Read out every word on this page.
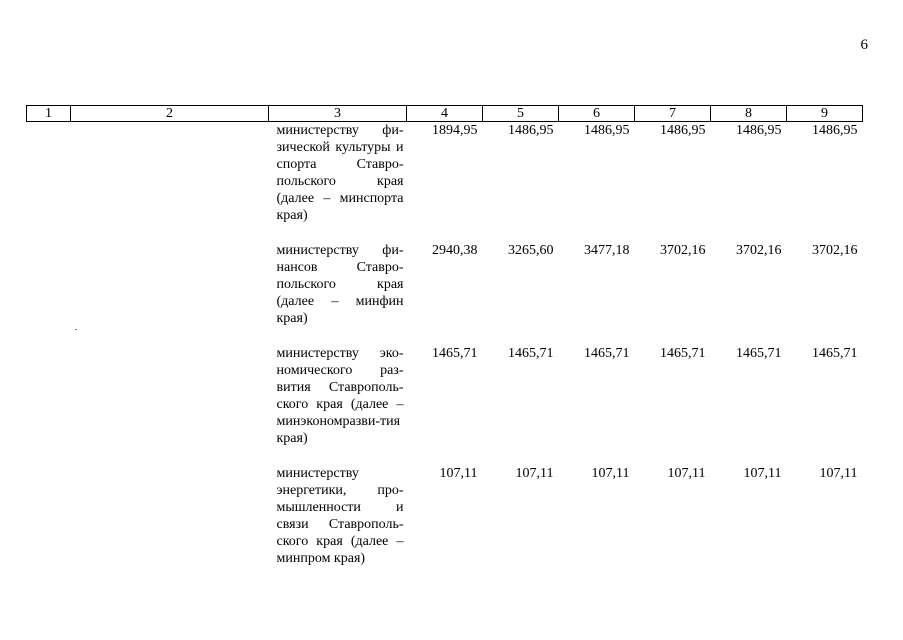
6
1	2	3	4	5	6	7	8	9
		министерству фи-зической культуры и спорта Ставро-польского края (далее – минспорта края)	1894,95	1486,95	1486,95	1486,95	1486,95	1486,95
		министерству фи-нансов Ставро-польского края (далее – минфин края)	2940,38	3265,60	3477,18	3702,16	3702,16	3702,16
		министерству эко-номического раз-вития Ставрополь-ского края (далее – минэкономразви-тия края)	1465,71	1465,71	1465,71	1465,71	1465,71	1465,71
		министерству энергетики, про-мышленности и связи Ставрополь-ского края (далее – минпром края)	107,11	107,11	107,11	107,11	107,11	107,11
